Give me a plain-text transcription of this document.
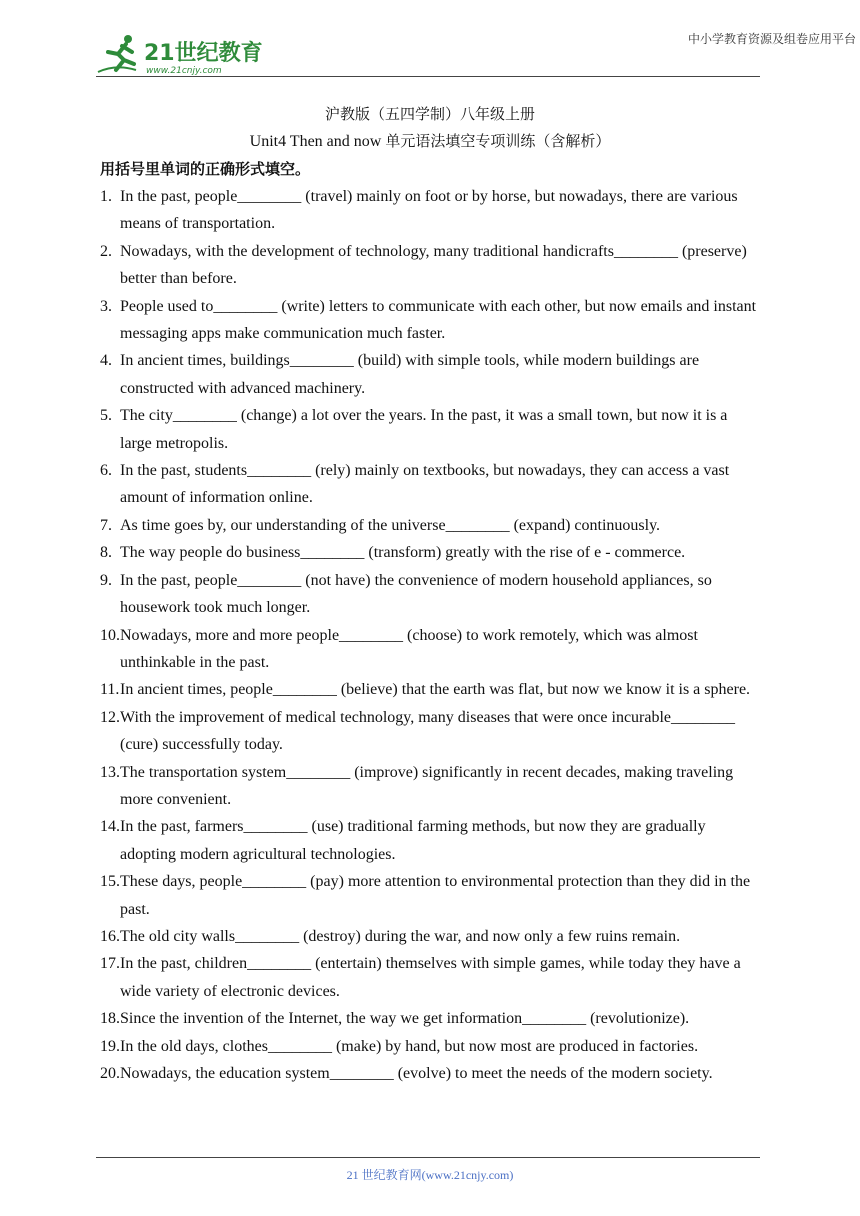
21世纪教育
www.21cnjy.com
中小学教育资源及组卷应用平台
沪教版（五四学制）八年级上册
Unit4 Then and now 单元语法填空专项训练（含解析）
用括号里单词的正确形式填空。
1. In the past, people________ (travel) mainly on foot or by horse, but nowadays, there are various means of transportation.
2. Nowadays, with the development of technology, many traditional handicrafts________ (preserve) better than before.
3. People used to________ (write) letters to communicate with each other, but now emails and instant messaging apps make communication much faster.
4. In ancient times, buildings________ (build) with simple tools, while modern buildings are constructed with advanced machinery.
5. The city________ (change) a lot over the years. In the past, it was a small town, but now it is a large metropolis.
6. In the past, students________ (rely) mainly on textbooks, but nowadays, they can access a vast amount of information online.
7. As time goes by, our understanding of the universe________ (expand) continuously.
8. The way people do business________ (transform) greatly with the rise of e - commerce.
9. In the past, people________ (not have) the convenience of modern household appliances, so housework took much longer.
10. Nowadays, more and more people________ (choose) to work remotely, which was almost unthinkable in the past.
11. In ancient times, people________ (believe) that the earth was flat, but now we know it is a sphere.
12. With the improvement of medical technology, many diseases that were once incurable________ (cure) successfully today.
13. The transportation system________ (improve) significantly in recent decades, making traveling more convenient.
14. In the past, farmers________ (use) traditional farming methods, but now they are gradually adopting modern agricultural technologies.
15. These days, people________ (pay) more attention to environmental protection than they did in the past.
16. The old city walls________ (destroy) during the war, and now only a few ruins remain.
17. In the past, children________ (entertain) themselves with simple games, while today they have a wide variety of electronic devices.
18. Since the invention of the Internet, the way we get information________ (revolutionize).
19. In the old days, clothes________ (make) by hand, but now most are produced in factories.
20. Nowadays, the education system________ (evolve) to meet the needs of the modern society.
21 世纪教育网(www.21cnjy.com)
